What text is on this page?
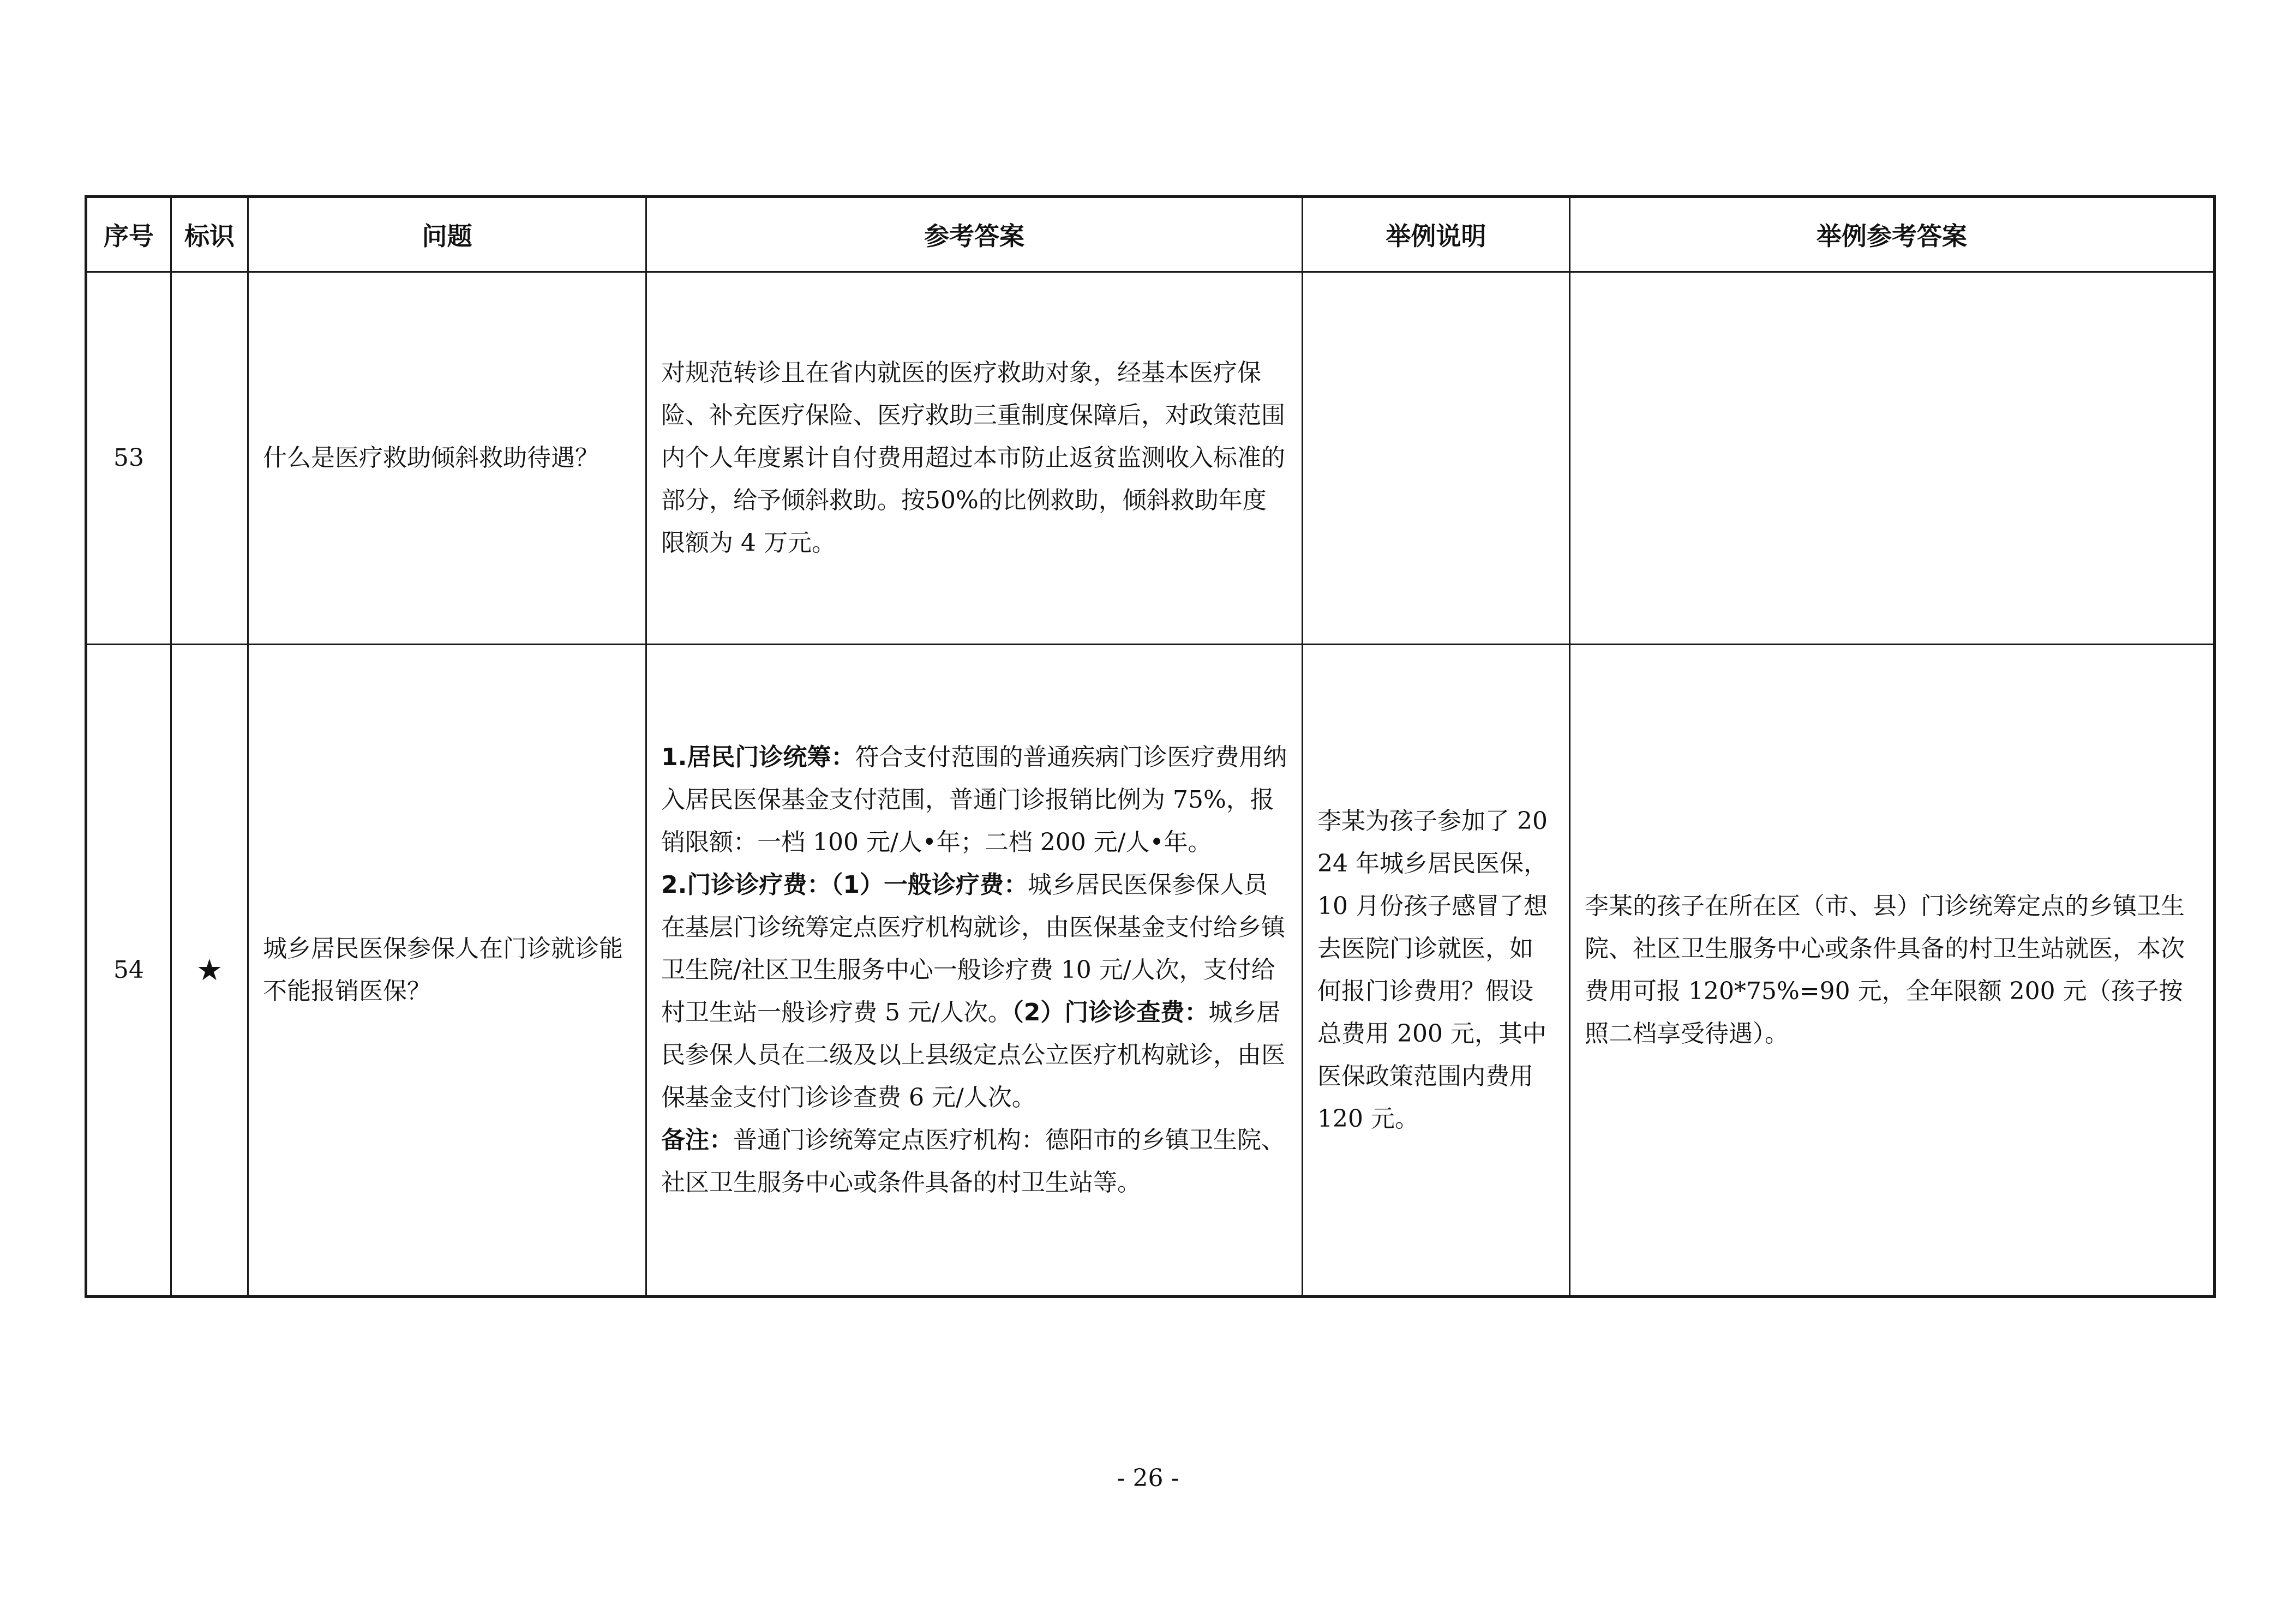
序号	标识	问题	参考答案	举例说明	举例参考答案
53		什么是医疗救助倾斜救助待遇？	对规范转诊且在省内就医的医疗救助对象，经基本医疗保险、补充医疗保险、医疗救助三重制度保障后，对政策范围内个人年度累计自付费用超过本市防止返贫监测收入标准的部分，给予倾斜救助。按50%的比例救助，倾斜救助年度限额为 4 万元。		
54	★	城乡居民医保参保人在门诊就诊能不能报销医保？	1.居民门诊统筹：符合支付范围的普通疾病门诊医疗费用纳入居民医保基金支付范围，普通门诊报销比例为 75%，报销限额：一档 100 元/人•年；二档 200 元/人•年。
2.门诊诊疗费：（1）一般诊疗费：城乡居民医保参保人员在基层门诊统筹定点医疗机构就诊，由医保基金支付给乡镇卫生院/社区卫生服务中心一般诊疗费 10 元/人次，支付给村卫生站一般诊疗费 5 元/人次。（2）门诊诊查费：城乡居民参保人员在二级及以上县级定点公立医疗机构就诊，由医保基金支付门诊诊查费 6 元/人次。
备注：普通门诊统筹定点医疗机构：德阳市的乡镇卫生院、社区卫生服务中心或条件具备的村卫生站等。	李某为孩子参加了 2024 年城乡居民医保，10 月份孩子感冒了想去医院门诊就医，如何报门诊费用？假设总费用 200 元，其中医保政策范围内费用 120 元。	李某的孩子在所在区（市、县）门诊统筹定点的乡镇卫生院、社区卫生服务中心或条件具备的村卫生站就医，本次费用可报 120*75%=90 元，全年限额 200 元（孩子按照二档享受待遇）。
- 26 -
